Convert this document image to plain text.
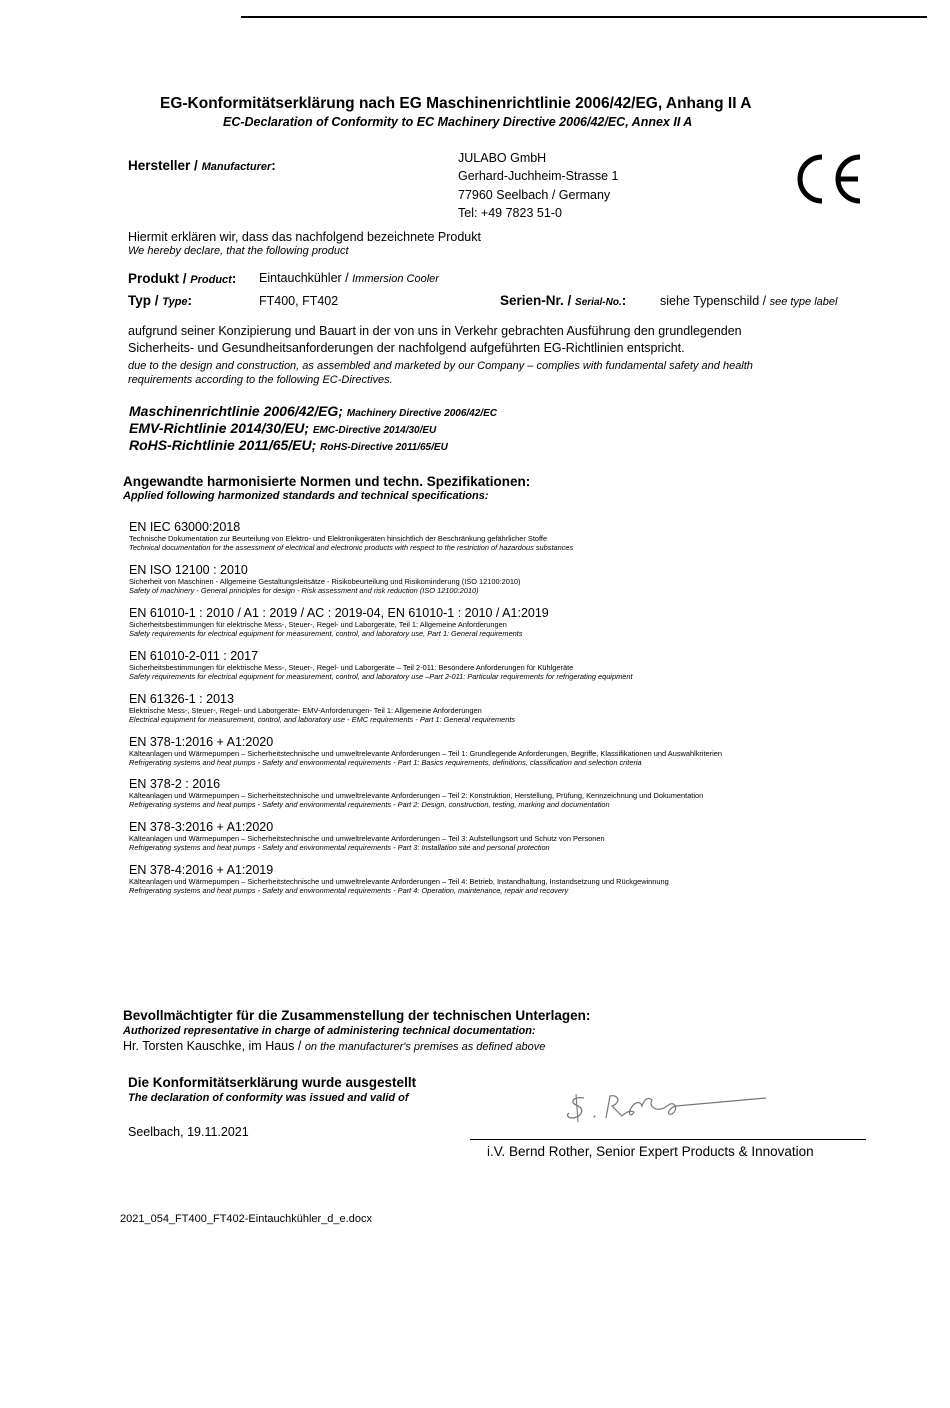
EG-Konformitätserklärung nach EG Maschinenrichtlinie 2006/42/EG, Anhang II A
EC-Declaration of Conformity to EC Machinery Directive 2006/42/EC, Annex II A
Hersteller / Manufacturer:	JULABO GmbH
Gerhard-Juchheim-Strasse 1
77960 Seelbach / Germany
Tel: +49 7823 51-0
CE
Hiermit erklären wir, dass das nachfolgend bezeichnete Produkt
We hereby declare, that the following product
Produkt / Product: Eintauchkühler / Immersion Cooler
Typ / Type:	FT400, FT402	Serien-Nr. / Serial-No.:	siehe Typenschild / see type label
aufgrund seiner Konzipierung und Bauart in der von uns in Verkehr gebrachten Ausführung den grundlegenden
Sicherheits- und Gesundheitsanforderungen der nachfolgend aufgeführten EG-Richtlinien entspricht.
due to the design and construction, as assembled and marketed by our Company – complies with fundamental safety and health
requirements according to the following EC-Directives.
Maschinenrichtlinie 2006/42/EG; Machinery Directive 2006/42/EC
EMV-Richtlinie 2014/30/EU; EMC-Directive 2014/30/EU
RoHS-Richtlinie 2011/65/EU; RoHS-Directive 2011/65/EU
Angewandte harmonisierte Normen und techn. Spezifikationen:
Applied following harmonized standards and technical specifications:
EN IEC 63000:2018
Technische Dokumentation zur Beurteilung von Elektro- und Elektronikgeräten hinsichtlich der Beschränkung gefährlicher Stoffe
Technical documentation for the assessment of electrical and electronic products with respect to the restriction of hazardous substances
EN ISO 12100 : 2010
Sicherheit von Maschinen - Allgemeine Gestaltungsleitsätze - Risikobeurteilung und Risikominderung (ISO 12100:2010)
Safety of machinery - General principles for design - Risk assessment and risk reduction (ISO 12100:2010)
EN 61010-1 : 2010 / A1 : 2019 / AC : 2019-04, EN 61010-1 : 2010 / A1:2019
Sicherheitsbestimmungen für elektrische Mess-, Steuer-, Regel- und Laborgeräte, Teil 1: Allgemeine Anforderungen
Safety requirements for electrical equipment for measurement, control, and laboratory use, Part 1: General requirements
EN 61010-2-011 : 2017
Sicherheitsbestimmungen für elektrische Mess-, Steuer-, Regel- und Laborgeräte – Teil 2-011: Besondere Anforderungen für Kühlgeräte
Safety requirements for electrical equipment for measurement, control, and laboratory use –Part 2-011: Particular requirements for refrigerating equipment
EN 61326-1 : 2013
Elektrische Mess-, Steuer-, Regel- und Laborgeräte- EMV-Anforderungen- Teil 1: Allgemeine Anforderungen
Electrical equipment for measurement, control, and laboratory use - EMC requirements - Part 1: General requirements
EN 378-1:2016 + A1:2020
Kälteanlagen und Wärmepumpen – Sicherheitstechnische und umweltrelevante Anforderungen – Teil 1: Grundlegende Anforderungen, Begriffe, Klassifikationen und Auswahlkriterien
Refrigerating systems and heat pumps - Safety and environmental requirements - Part 1: Basics requirements, definitions, classification and selection criteria
EN 378-2 : 2016
Kälteanlagen und Wärmepumpen – Sicherheitstechnische und umweltrelevante Anforderungen – Teil 2: Konstruktion, Herstellung, Prüfung, Kennzeichnung und Dokumentation
Refrigerating systems and heat pumps - Safety and environmental requirements - Part 2: Design, construction, testing, marking and documentation
EN 378-3:2016 + A1:2020
Kälteanlagen und Wärmepumpen – Sicherheitstechnische und umweltrelevante Anforderungen – Teil 3: Aufstellungsort und Schutz von Personen
Refrigerating systems and heat pumps - Safety and environmental requirements - Part 3: Installation site and personal protection
EN 378-4:2016 + A1:2019
Kälteanlagen und Wärmepumpen – Sicherheitstechnische und umweltrelevante Anforderungen – Teil 4: Betrieb, Instandhaltung, Instandsetzung und Rückgewinnung
Refrigerating systems and heat pumps - Safety and environmental requirements - Part 4: Operation, maintenance, repair and recovery
Bevollmächtigter für die Zusammenstellung der technischen Unterlagen:
Authorized representative in charge of administering technical documentation:
Hr. Torsten Kauschke, im Haus / on the manufacturer's premises as defined above
Die Konformitätserklärung wurde ausgestellt
The declaration of conformity was issued and valid of
Seelbach, 19.11.2021
i.V. Bernd Rother, Senior Expert Products & Innovation
2021_054_FT400_FT402-Eintauchkühler_d_e.docx
